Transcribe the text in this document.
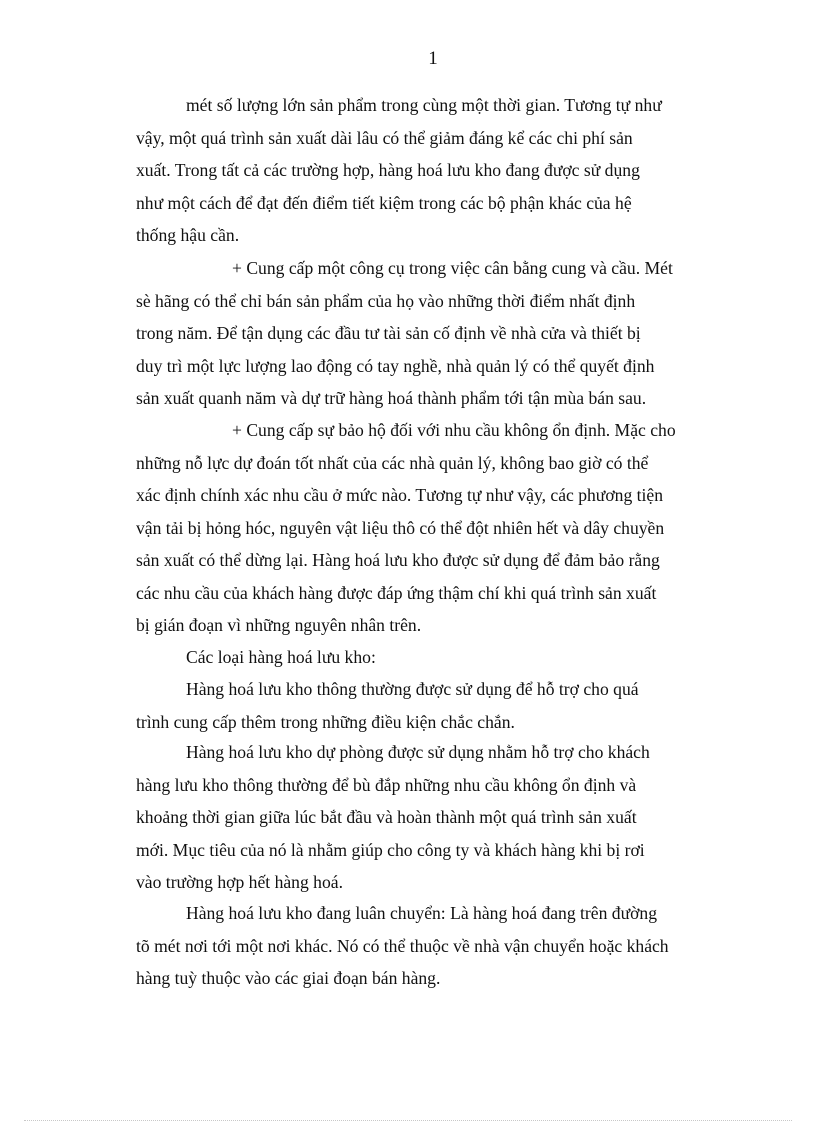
1
mét số lượng lớn sản phẩm trong cùng một thời gian. Tương tự như
vậy, một quá trình sản xuất dài lâu có thể giảm đáng kể các chi phí sản
xuất. Trong tất cả các trường hợp, hàng hoá lưu kho đang được sử dụng
như một cách để đạt đến điểm tiết kiệm trong các bộ phận khác của hệ
thống hậu cần.
+ Cung cấp một công cụ trong việc cân bằng cung và cầu. Mét
sè hãng có thể chỉ bán sản phẩm của họ vào những thời điểm nhất định
trong năm. Để tận dụng các đầu tư tài sản cố định về nhà cửa và thiết bị
duy trì một lực lượng lao động có tay nghề, nhà quản lý có thể quyết định
sản xuất quanh năm và dự trữ hàng hoá thành phẩm tới tận mùa bán sau.
+ Cung cấp sự bảo hộ đối với nhu cầu không ổn định. Mặc cho
những nỗ lực dự đoán tốt nhất của các nhà quản lý, không bao giờ có thể
xác định chính xác nhu cầu ở mức nào. Tương tự như vậy, các phương tiện
vận tải bị hỏng hóc, nguyên vật liệu thô có thể đột nhiên hết và dây chuyền
sản xuất có thể dừng lại. Hàng hoá lưu kho được sử dụng để đảm bảo rằng
các nhu cầu của khách hàng được đáp ứng thậm chí khi quá trình sản xuất
bị gián đoạn vì những nguyên nhân trên.
Các loại hàng hoá lưu kho:
Hàng hoá lưu kho thông thường được sử dụng để hỗ trợ cho quá
trình cung cấp thêm trong những điều kiện chắc chắn.
Hàng hoá lưu kho dự phòng được sử dụng nhằm hỗ trợ cho khách
hàng lưu kho thông thường để bù đắp những nhu cầu không ổn định và
khoảng thời gian giữa lúc bắt đầu và hoàn thành một quá trình sản xuất
mới. Mục tiêu của nó là nhằm giúp cho công ty và khách hàng khi bị rơi
vào trường hợp hết hàng hoá.
Hàng hoá lưu kho đang luân chuyển: Là hàng hoá đang trên đường
tõ mét nơi tới một nơi khác. Nó có thể thuộc về nhà vận chuyển hoặc khách
hàng tuỳ thuộc vào các giai đoạn bán hàng.
